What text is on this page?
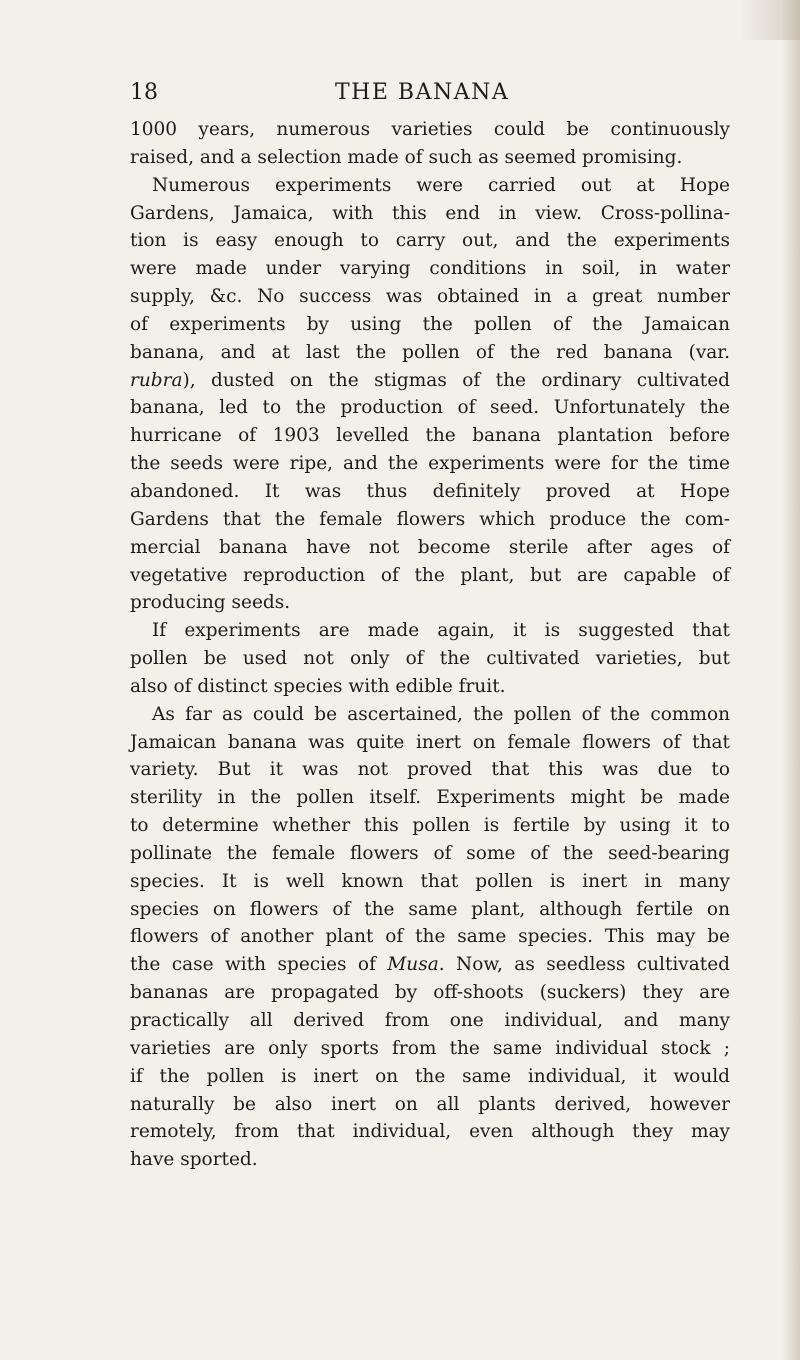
18	THE BANANA
1000 years, numerous varieties could be continuously
raised, and a selection made of such as seemed promising.
Numerous experiments were carried out at Hope
Gardens, Jamaica, with this end in view. Cross-pollina-
tion is easy enough to carry out, and the experiments
were made under varying conditions in soil, in water
supply, &c. No success was obtained in a great number
of experiments by using the pollen of the Jamaican
banana, and at last the pollen of the red banana (var.
rubra), dusted on the stigmas of the ordinary cultivated
banana, led to the production of seed. Unfortunately the
hurricane of 1903 levelled the banana plantation before
the seeds were ripe, and the experiments were for the time
abandoned. It was thus definitely proved at Hope
Gardens that the female flowers which produce the com-
mercial banana have not become sterile after ages of
vegetative reproduction of the plant, but are capable of
producing seeds.
If experiments are made again, it is suggested that
pollen be used not only of the cultivated varieties, but
also of distinct species with edible fruit.
As far as could be ascertained, the pollen of the common
Jamaican banana was quite inert on female flowers of that
variety. But it was not proved that this was due to
sterility in the pollen itself. Experiments might be made
to determine whether this pollen is fertile by using it to
pollinate the female flowers of some of the seed-bearing
species. It is well known that pollen is inert in many
species on flowers of the same plant, although fertile on
flowers of another plant of the same species. This may be
the case with species of Musa. Now, as seedless cultivated
bananas are propagated by off-shoots (suckers) they are
practically all derived from one individual, and many
varieties are only sports from the same individual stock ;
if the pollen is inert on the same individual, it would
naturally be also inert on all plants derived, however
remotely, from that individual, even although they may
have sported.
